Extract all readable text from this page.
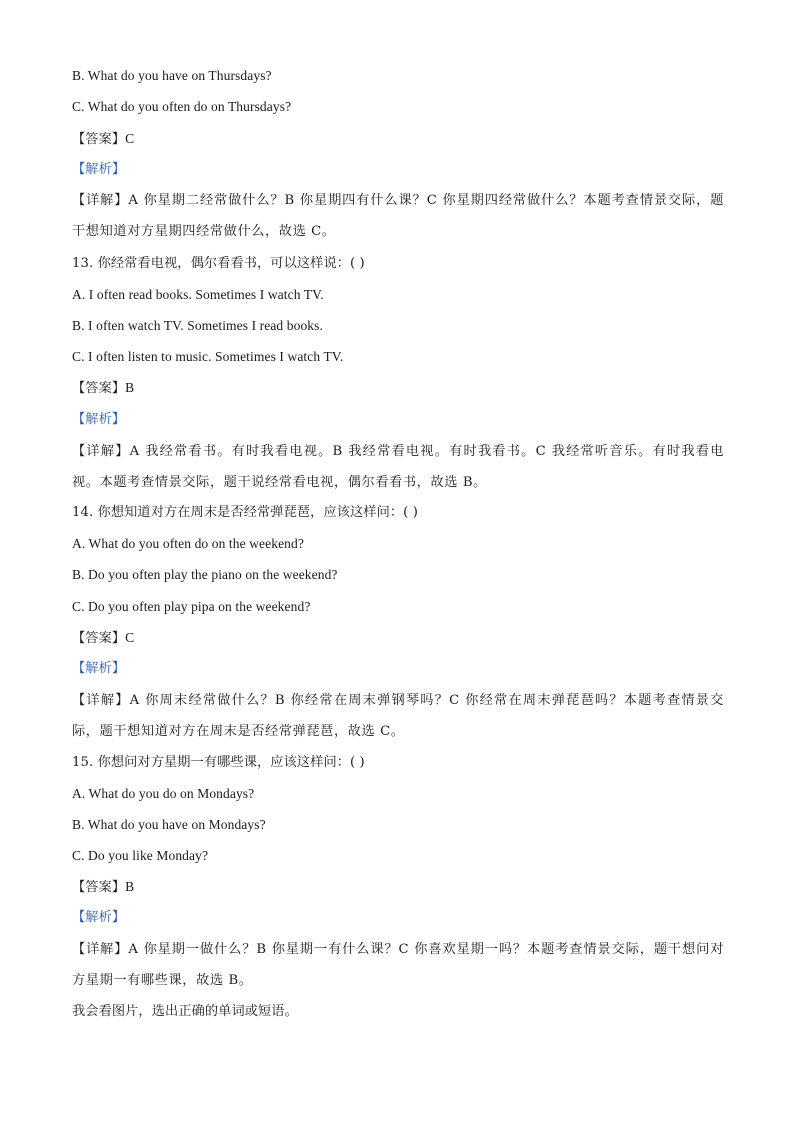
B. What do you have on Thursdays?
C. What do you often do on Thursdays?
【答案】C
【解析】
【详解】A 你星期二经常做什么？B 你星期四有什么课？C 你星期四经常做什么？本题考查情景交际，题干想知道对方星期四经常做什么，故选 C。
13. 你经常看电视，偶尔看看书，可以这样说：( )
A. I often read books. Sometimes I watch TV.
B. I often watch TV. Sometimes I read books.
C. I often listen to music. Sometimes I watch TV.
【答案】B
【解析】
【详解】A 我经常看书。有时我看电视。B 我经常看电视。有时我看书。C 我经常听音乐。有时我看电视。本题考查情景交际，题干说经常看电视，偶尔看看书，故选 B。
14. 你想知道对方在周末是否经常弹琵琶，应该这样问：( )
A. What do you often do on the weekend?
B. Do you often play the piano on the weekend?
C. Do you often play pipa on the weekend?
【答案】C
【解析】
【详解】A 你周末经常做什么？B 你经常在周末弹钢琴吗？C 你经常在周末弹琵琶吗？本题考查情景交际，题干想知道对方在周末是否经常弹琵琶，故选 C。
15. 你想问对方星期一有哪些课，应该这样问：( )
A. What do you do on Mondays?
B. What do you have on Mondays?
C. Do you like Monday?
【答案】B
【解析】
【详解】A 你星期一做什么？B 你星期一有什么课？C 你喜欢星期一吗？本题考查情景交际，题干想问对方星期一有哪些课，故选 B。
我会看图片，选出正确的单词或短语。
